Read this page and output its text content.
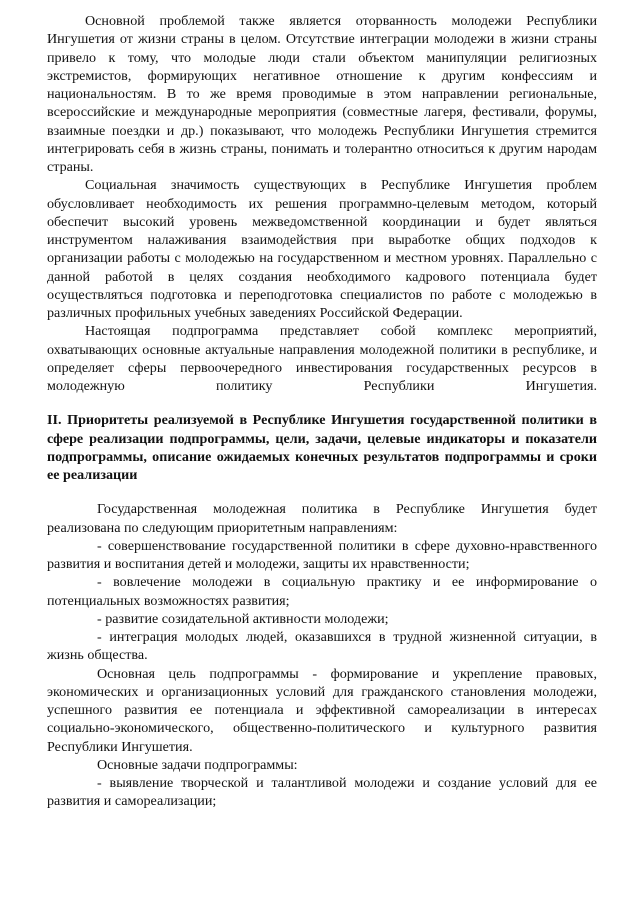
Основной проблемой также является оторванность молодежи Республики Ингушетия от жизни страны в целом. Отсутствие интеграции молодежи в жизни страны привело к тому, что молодые люди стали объектом манипуляции религиозных экстремистов, формирующих негативное отношение к другим конфессиям и национальностям. В то же время проводимые в этом направлении региональные, всероссийские и международные мероприятия (совместные лагеря, фестивали, форумы, взаимные поездки и др.) показывают, что молодежь Республики Ингушетия стремится интегрировать себя в жизнь страны, понимать и толерантно относиться к другим народам страны.

Социальная значимость существующих в Республике Ингушетия проблем обусловливает необходимость их решения программно-целевым методом, который обеспечит высокий уровень межведомственной координации и будет являться инструментом налаживания взаимодействия при выработке общих подходов к организации работы с молодежью на государственном и местном уровнях. Параллельно с данной работой в целях создания необходимого кадрового потенциала будет осуществляться подготовка и переподготовка специалистов по работе с молодежью в различных профильных учебных заведениях Российской Федерации.

Настоящая подпрограмма представляет собой комплекс мероприятий, охватывающих основные актуальные направления молодежной политики в республике, и определяет сферы первоочередного инвестирования государственных ресурсов в молодежную политику Республики Ингушетия.

II. Приоритеты реализуемой в Республике Ингушетия государственной политики в сфере реализации подпрограммы, цели, задачи, целевые индикаторы и показатели подпрограммы, описание ожидаемых конечных результатов подпрограммы и сроки ее реализации

Государственная молодежная политика в Республике Ингушетия будет реализована по следующим приоритетным направлениям:

- совершенствование государственной политики в сфере духовно-нравственного развития и воспитания детей и молодежи, защиты их нравственности;

- вовлечение молодежи в социальную практику и ее информирование о потенциальных возможностях развития;

- развитие созидательной активности молодежи;

- интеграция молодых людей, оказавшихся в трудной жизненной ситуации, в жизнь общества.

Основная цель подпрограммы - формирование и укрепление правовых, экономических и организационных условий для гражданского становления молодежи, успешного развития ее потенциала и эффективной самореализации в интересах социально-экономического, общественно-политического и культурного развития Республики Ингушетия.

Основные задачи подпрограммы:

- выявление творческой и талантливой молодежи и создание условий для ее развития и самореализации;
